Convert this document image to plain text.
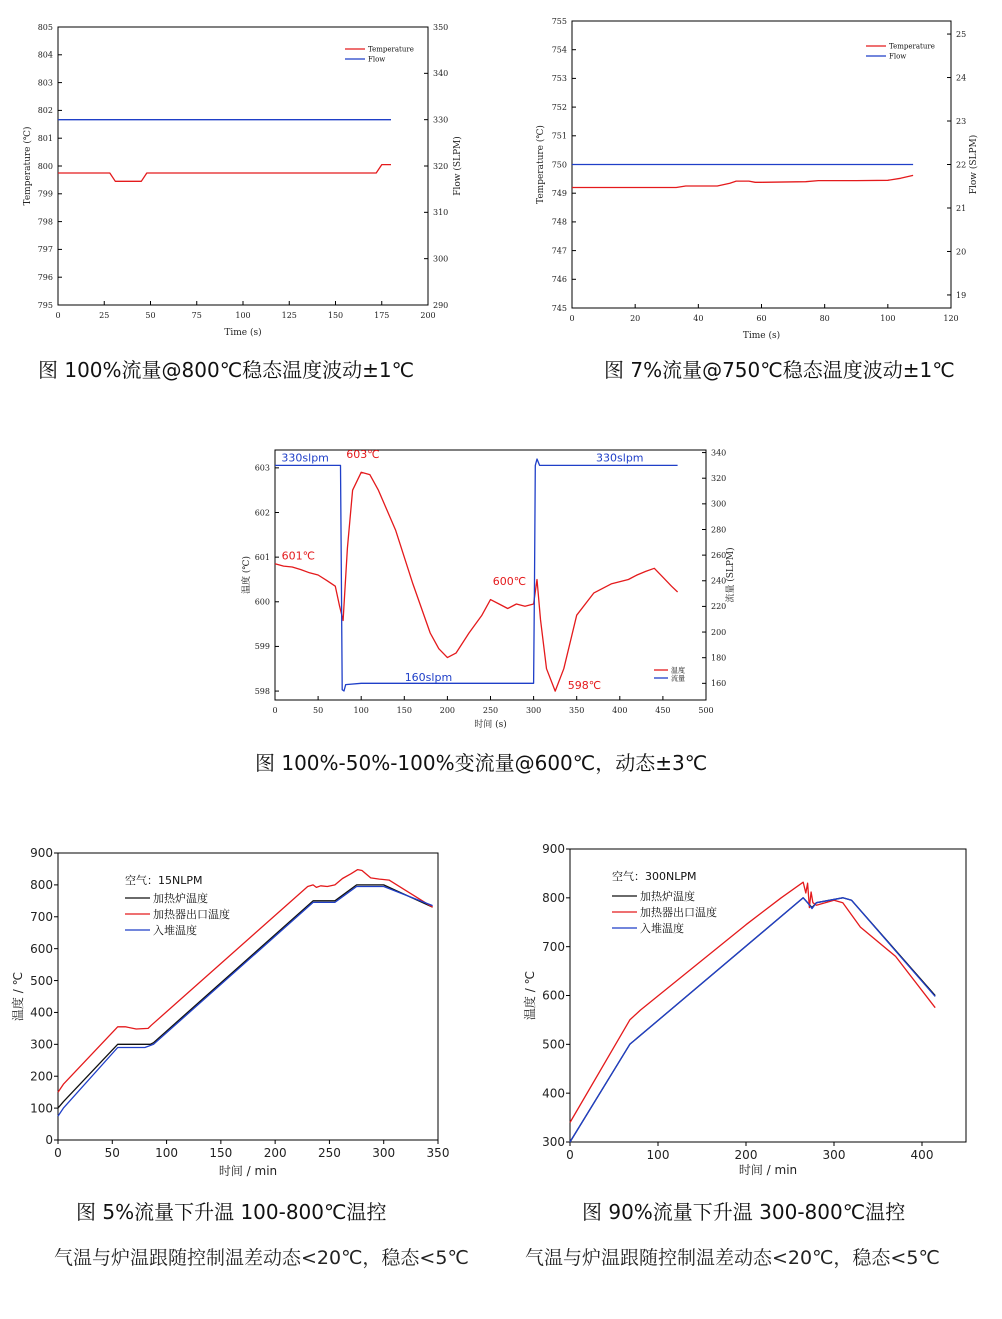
0	25	50	75	100	125	150	175	200
795
796
797
798
799
800
801
802
803
804
805
290
300
310
320
330
340
350
Time (s)
Temperature (℃)	Flow (SLPM)
Temperature
Flow
0	20	40	60	80	100	120
745
746
747
748
749
750
751
752
753
754
755
19
20
21
22
23
24
25
Time (s)
Temperature (℃)	Flow (SLPM)
Temperature
Flow
0	50	100	150	200	250	300	350	400	450	500
598
599
600
601
602
603
160
180
200
220
240
260
280
300
320
340
时间 (s)
温度 (℃)	流量 (SLPM)
温度
流量
330slpm 603℃
601℃
160slpm
600℃
330slpm
598℃
0	50	100	150	200	250	300	350
0
100
200
300
400
500
600
700
800
900
时间 / min
温度 / ℃
空气：15NLPM
加热炉温度
加热器出口温度
入堆温度
0	100	200	300	400
300
400
500
600
700
800
900
时间 / min
温度 / ℃
空气：300NLPM
加热炉温度
加热器出口温度
入堆温度
图 100%流量@800℃稳态温度波动±1℃	图 7%流量@750℃稳态温度波动±1℃
图 100%-50%-100%变流量@600℃，动态±3℃
图 5%流量下升温 100-800℃温控	图 90%流量下升温 300-800℃温控
气温与炉温跟随控制温差动态<20℃，稳态<5℃	气温与炉温跟随控制温差动态<20℃，稳态<5℃
